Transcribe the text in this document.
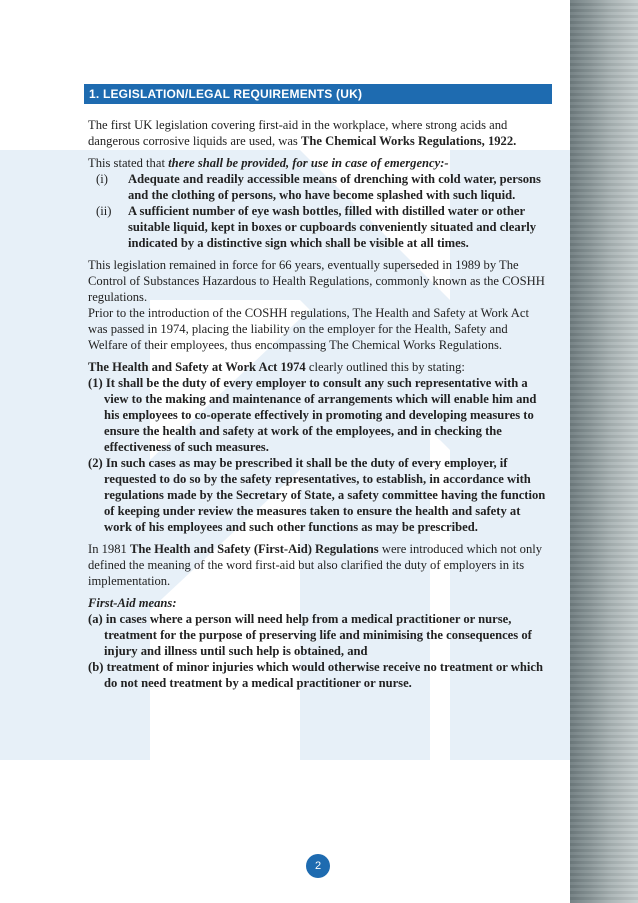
1. LEGISLATION/LEGAL REQUIREMENTS (UK)

The first UK legislation covering first-aid in the workplace, where strong acids and dangerous corrosive liquids are used, was The Chemical Works Regulations, 1922.

This stated that there shall be provided, for use in case of emergency:-

(i)	Adequate and readily accessible means of drenching with cold water, persons and the clothing of persons, who have become splashed with such liquid.
(ii)	A sufficient number of eye wash bottles, filled with distilled water or other suitable liquid, kept in boxes or cupboards conveniently situated and clearly indicated by a distinctive sign which shall be visible at all times.

This legislation remained in force for 66 years, eventually superseded in 1989 by The Control of Substances Hazardous to Health Regulations, commonly known as the COSHH regulations.

Prior to the introduction of the COSHH regulations, The Health and Safety at Work Act was passed in 1974, placing the liability on the employer for the Health, Safety and Welfare of their employees, thus encompassing The Chemical Works Regulations.

The Health and Safety at Work Act 1974 clearly outlined this by stating:

(1) It shall be the duty of every employer to consult any such representative with a view to the making and maintenance of arrangements which will enable him and his employees to co-operate effectively in promoting and developing measures to ensure the health and safety at work of the employees, and in checking the effectiveness of such measures.
(2) In such cases as may be prescribed it shall be the duty of every employer, if requested to do so by the safety representatives, to establish, in accordance with regulations made by the Secretary of State, a safety committee having the function of keeping under review the measures taken to ensure the health and safety at work of his employees and such other functions as may be prescribed.

In 1981 The Health and Safety (First-Aid) Regulations were introduced which not only defined the meaning of the word first-aid but also clarified the duty of employers in its implementation.

First-Aid means:

(a) in cases where a person will need help from a medical practitioner or nurse, treatment for the purpose of preserving life and minimising the consequences of injury and illness until such help is obtained, and
(b) treatment of minor injuries which would otherwise receive no treatment or which do not need treatment by a medical practitioner or nurse.
2
